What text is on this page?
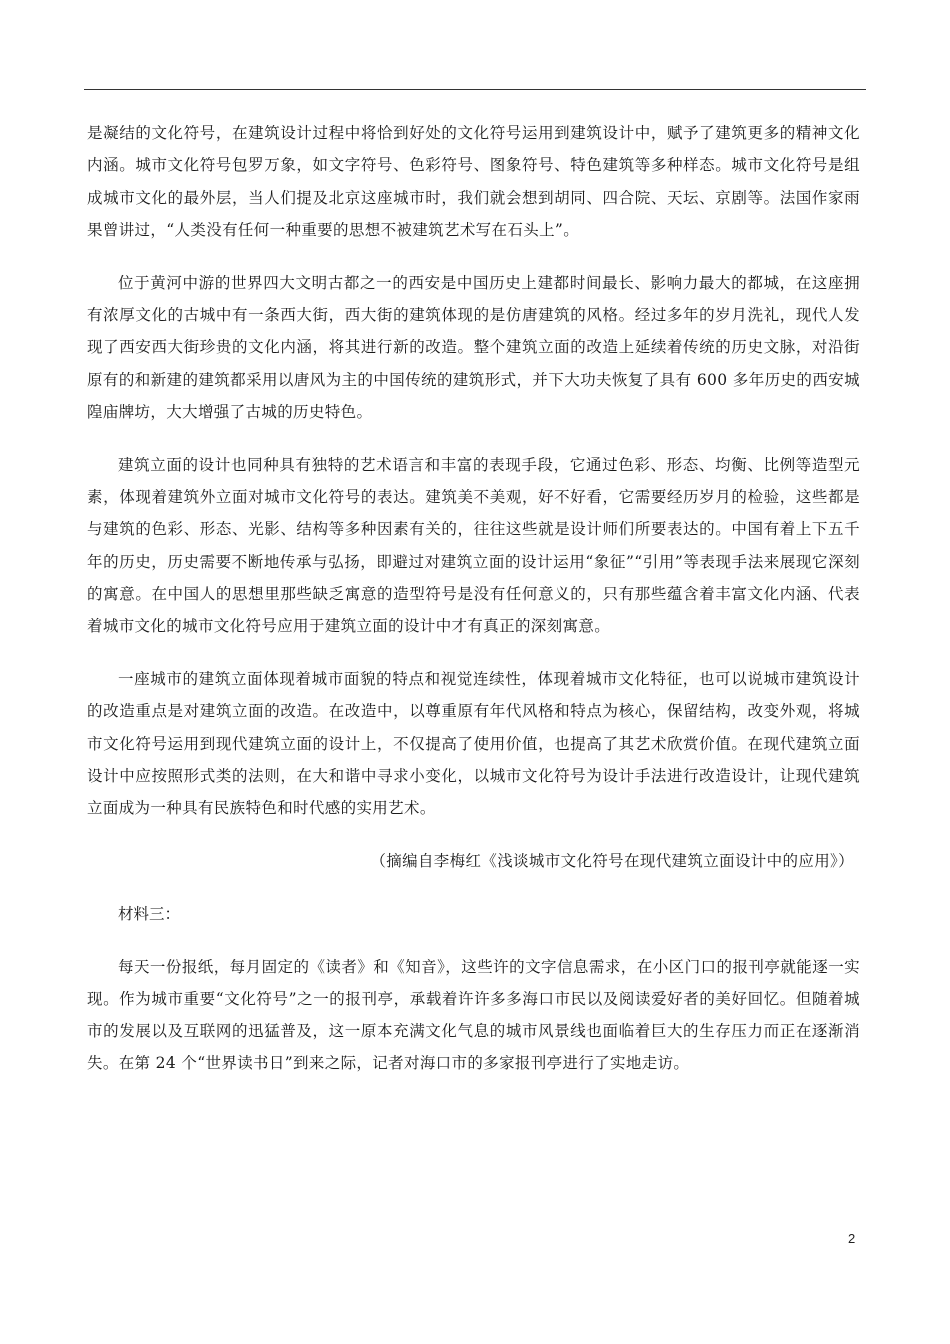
是凝结的文化符号，在建筑设计过程中将恰到好处的文化符号运用到建筑设计中，赋予了建筑更多的精神文化内涵。城市文化符号包罗万象，如文字符号、色彩符号、图象符号、特色建筑等多种样态。城市文化符号是组成城市文化的最外层，当人们提及北京这座城市时，我们就会想到胡同、四合院、天坛、京剧等。法国作家雨果曾讲过，“人类没有任何一种重要的思想不被建筑艺术写在石头上”。

位于黄河中游的世界四大文明古都之一的西安是中国历史上建都时间最长、影响力最大的都城，在这座拥有浓厚文化的古城中有一条西大街，西大街的建筑体现的是仿唐建筑的风格。经过多年的岁月洗礼，现代人发现了西安西大街珍贵的文化内涵，将其进行新的改造。整个建筑立面的改造上延续着传统的历史文脉，对沿街原有的和新建的建筑都采用以唐风为主的中国传统的建筑形式，并下大功夫恢复了具有 600 多年历史的西安城隍庙牌坊，大大增强了古城的历史特色。

建筑立面的设计也同种具有独特的艺术语言和丰富的表现手段，它通过色彩、形态、均衡、比例等造型元素，体现着建筑外立面对城市文化符号的表达。建筑美不美观，好不好看，它需要经历岁月的检验，这些都是与建筑的色彩、形态、光影、结构等多种因素有关的，往往这些就是设计师们所要表达的。中国有着上下五千年的历史，历史需要不断地传承与弘扬，即避过对建筑立面的设计运用“象征”“引用”等表现手法来展现它深刻的寓意。在中国人的思想里那些缺乏寓意的造型符号是没有任何意义的，只有那些蕴含着丰富文化内涵、代表着城市文化的城市文化符号应用于建筑立面的设计中才有真正的深刻寓意。

一座城市的建筑立面体现着城市面貌的特点和视觉连续性，体现着城市文化特征，也可以说城市建筑设计的改造重点是对建筑立面的改造。在改造中，以尊重原有年代风格和特点为核心，保留结构，改变外观，将城市文化符号运用到现代建筑立面的设计上，不仅提高了使用价值，也提高了其艺术欣赏价值。在现代建筑立面设计中应按照形式类的法则，在大和谐中寻求小变化，以城市文化符号为设计手法进行改造设计，让现代建筑立面成为一种具有民族特色和时代感的实用艺术。

（摘编自李梅红《浅谈城市文化符号在现代建筑立面设计中的应用》）

材料三：

每天一份报纸，每月固定的《读者》和《知音》，这些许的文字信息需求，在小区门口的报刊亭就能逐一实现。作为城市重要“文化符号”之一的报刊亭，承载着许许多多海口市民以及阅读爱好者的美好回忆。但随着城市的发展以及互联网的迅猛普及，这一原本充满文化气息的城市风景线也面临着巨大的生存压力而正在逐渐消失。在第 24 个“世界读书日”到来之际，记者对海口市的多家报刊亭进行了实地走访。

2
